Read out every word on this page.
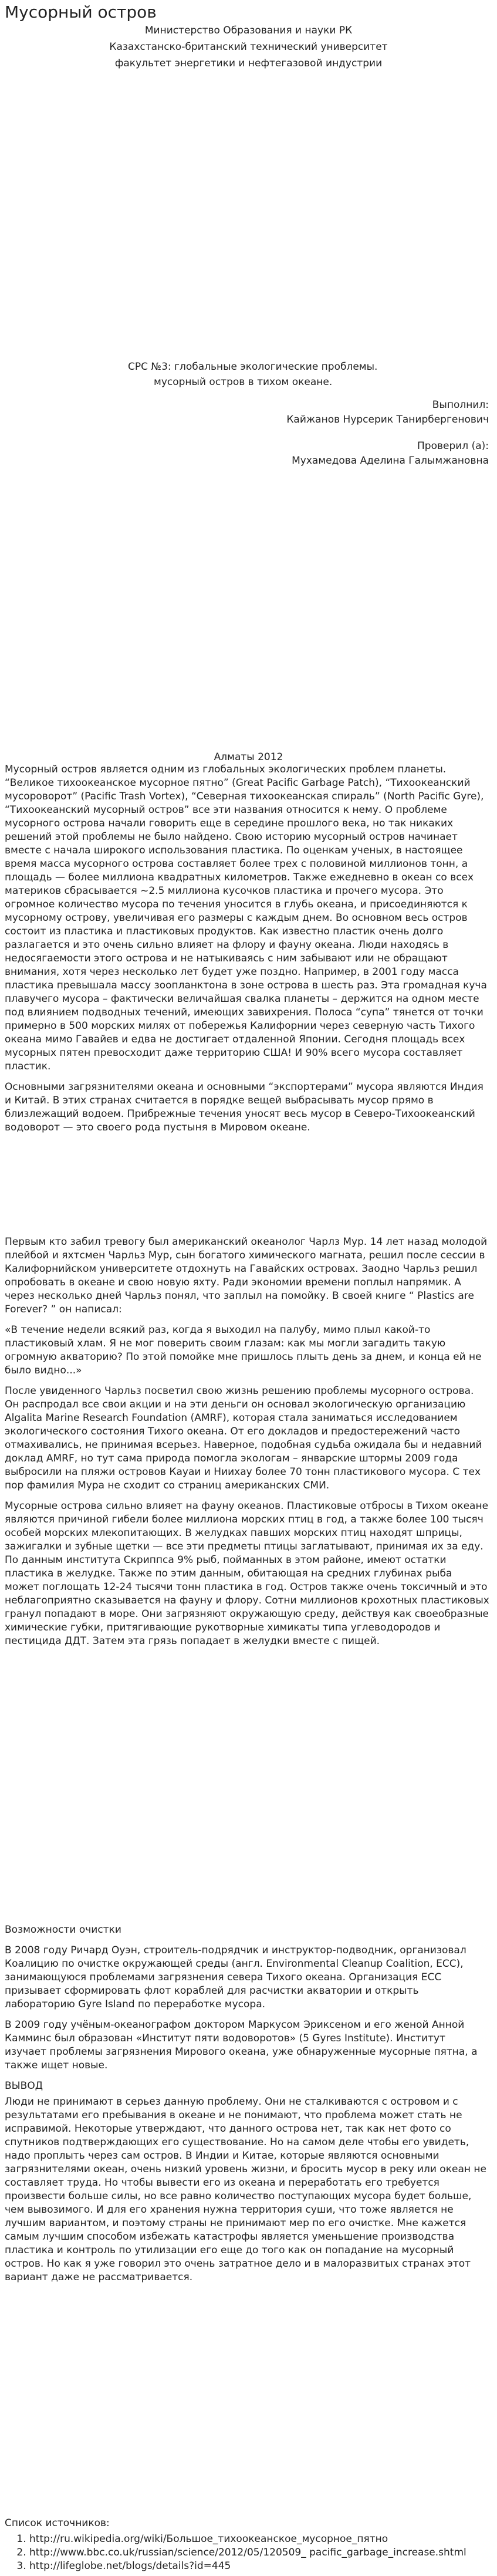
Мусорный остров
Министерство Образования и науки РК
Казахстанско-британский технический университет
факультет энергетики и нефтегазовой индустрии
СРС №3: глобальные экологические проблемы.
мусорный остров в тихом океане.
Выполнил:
Кайжанов Нурсерик Танирбергенович
Проверил (а):
Мухамедова Аделина Галымжановна
Алматы 2012

Мусорный остров является одним из глобальных экологических проблем планеты. “Великое тихоокеанское мусорное пятно” (Great Pacific Garbage Patch), “Тихоокеанский мусороворот” (Pacific Trash Vortex), “Северная тихоокеанская спираль” (North Pacific Gyre), “Тихоокеанский мусорный остров” все эти названия относится к нему. О проблеме мусорного острова начали говорить еще в середине прошлого века, но так никаких решений этой проблемы не было найдено. Свою историю мусорный остров начинает вместе с начала широкого использования пластика. По оценкам ученых, в настоящее время масса мусорного острова составляет более трех с половиной миллионов тонн, а площадь — более миллиона квадратных километров. Также ежедневно в океан со всех материков сбрасывается ~2.5 миллиона кусочков пластика и прочего мусора. Это огромное количество мусора по течения уносится в глубь океана, и присоединяются к мусорному острову, увеличивая его размеры с каждым днем. Во основном весь остров состоит из пластика и пластиковых продуктов. Как известно пластик очень долго разлагается и это очень сильно влияет на флору и фауну океана. Люди находясь в недосягаемости этого острова и не натыкиваясь с ним забывают или не обращают внимания, хотя через несколько лет будет уже поздно. Например, в 2001 году масса пластика превышала массу зоопланктона в зоне острова в шесть раз. Эта громадная куча плавучего мусора – фактически величайшая свалка планеты – держится на одном месте под влиянием подводных течений, имеющих завихрения. Полоса “супа” тянется от точки примерно в 500 морских милях от побережья Калифорнии через северную часть Тихого океана мимо Гавайев и едва не достигает отдаленной Японии. Сегодня площадь всех мусорных пятен превосходит даже территорию США! И 90% всего мусора составляет пластик.

Основными загрязнителями океана и основными “экспортерами” мусора являются Индия и Китай. В этих странах считается в порядке вещей выбрасывать мусор прямо в близлежащий водоем. Прибрежные течения уносят весь мусор в Северо-Тихоокеанский водоворот — это своего рода пустыня в Мировом океане.

Первым кто забил тревогу был американский океанолог Чарлз Мур. 14 лет назад молодой плейбой и яхтсмен Чарльз Мур, сын богатого химического магната, решил после сессии в Калифорнийском университете отдохнуть на Гавайских островах. Заодно Чарльз решил опробовать в океане и свою новую яхту. Ради экономии времени поплыл напрямик. А через несколько дней Чарльз понял, что заплыл на помойку. В своей книге “ Plastics are Forever? ” он написал:

«В течение недели всякий раз, когда я выходил на палубу, мимо плыл какой-то пластиковый хлам. Я не мог поверить своим глазам: как мы могли загадить такую огромную акваторию? По этой помойке мне пришлось плыть день за днем, и конца ей не было видно...»

После увиденного Чарльз посветил свою жизнь решению проблемы мусорного острова. Он распродал все свои акции и на эти деньги он основал экологическую организацию Algalita Marine Research Foundation (AMRF), которая стала заниматься исследованием экологического состояния Тихого океана. От его докладов и предостережений часто отмахивались, не принимая всерьез. Наверное, подобная судьба ожидала бы и недавний доклад AMRF, но тут сама природа помогла экологам – январские штормы 2009 года выбросили на пляжи островов Кауаи и Ниихау более 70 тонн пластикового мусора. С тех пор фамилия Мура не сходит со страниц американских СМИ.

Мусорные острова сильно влияет на фауну океанов. Пластиковые отбросы в Тихом океане являются причиной гибели более миллиона морских птиц в год, а также более 100 тысяч особей морских млекопитающих. В желудках павших морских птиц находят шприцы, зажигалки и зубные щетки — все эти предметы птицы заглатывают, принимая их за еду. По данным института Скриппса 9% рыб, пойманных в этом районе, имеют остатки пластика в желудке. Также по этим данным, обитающая на средних глубинах рыба может поглощать 12-24 тысячи тонн пластика в год. Остров также очень токсичный и это неблагоприятно сказывается на фауну и флору. Сотни миллионов крохотных пластиковых гранул попадают в море. Они загрязняют окружающую среду, действуя как своеобразные химические губки, притягивающие рукотворные химикаты типа углеводородов и пестицида ДДТ. Затем эта грязь попадает в желудки вместе с пищей.

Возможности очистки

В 2008 году Ричард Оуэн, строитель-подрядчик и инструктор-подводник, организовал Коалицию по очистке окружающей среды (англ. Environmental Cleanup Coalition, ECC), занимающуюся проблемами загрязнения севера Тихого океана. Организация ECC призывает сформировать флот кораблей для расчистки акватории и открыть лабораторию Gyre Island по переработке мусора.

В 2009 году учёным-океанографом доктором Маркусом Эриксеном и его женой Анной Камминс был образован «Институт пяти водоворотов» (5 Gyres Institute). Институт изучает проблемы загрязнения Мирового океана, уже обнаруженные мусорные пятна, а также ищет новые.

ВЫВОД

Люди не принимают в серьез данную проблему. Они не сталкиваются с островом и с результатами его пребывания в океане и не понимают, что проблема может стать не исправимой. Некоторые утверждают, что данного острова нет, так как нет фото со спутников подтверждающих его существование. Но на самом деле чтобы его увидеть, надо проплыть через сам остров. В Индии и Китае, которые являются основными загрязнителями океан, очень низкий уровень жизни, и бросить мусор в реку или океан не составляет труда. Но чтобы вывести его из океана и переработать его требуется произвести больше силы, но все равно количество поступающих мусора будет больше, чем вывозимого. И для его хранения нужна территория суши, что тоже является не лучшим вариантом, и поэтому страны не принимают мер по его очистке. Мне кажется самым лучшим способом избежать катастрофы является уменьшение производства пластика и контроль по утилизации его еще до того как он попадание на мусорный остров. Но как я уже говорил это очень затратное дело и в малоразвитых странах этот вариант даже не рассматривается.

Список источников:
1. http://ru.wikipedia.org/wiki/Большое_тихоокеанское_мусорное_пятно
2. http://www.bbc.co.uk/russian/science/2012/05/120509_ pacific_garbage_increase.shtml
3. http://lifeglobe.net/blogs/details?id=445
